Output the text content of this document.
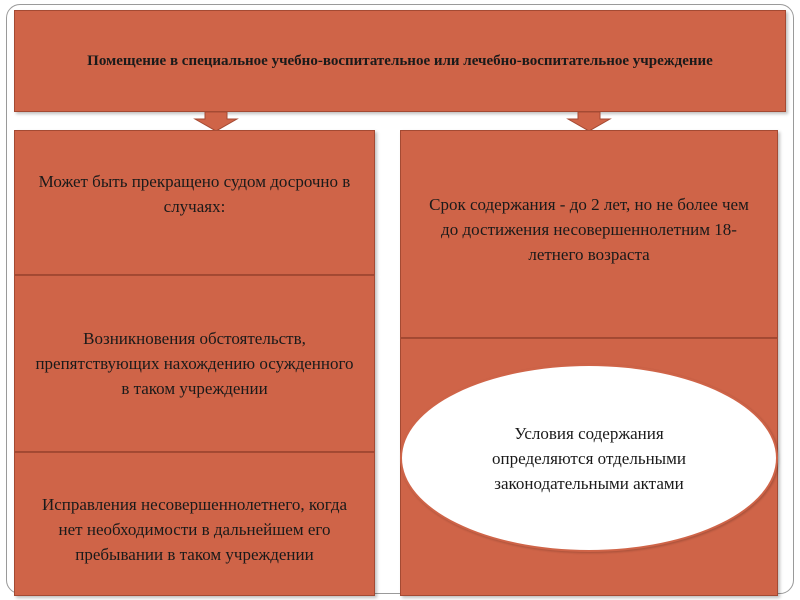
Помещение в специальное учебно-воспитательное или лечебно-воспитательное учреждение
Может быть прекращено судом досрочно в случаях:
Возникновения обстоятельств, препятствующих нахождению осужденного в таком учреждении
Исправления несовершеннолетнего, когда нет необходимости в дальнейшем его пребывании в таком учреждении
Срок содержания - до 2 лет, но не более чем до достижения несовершеннолетним 18-летнего возраста
Условия содержания определяются отдельными законодательными актами
